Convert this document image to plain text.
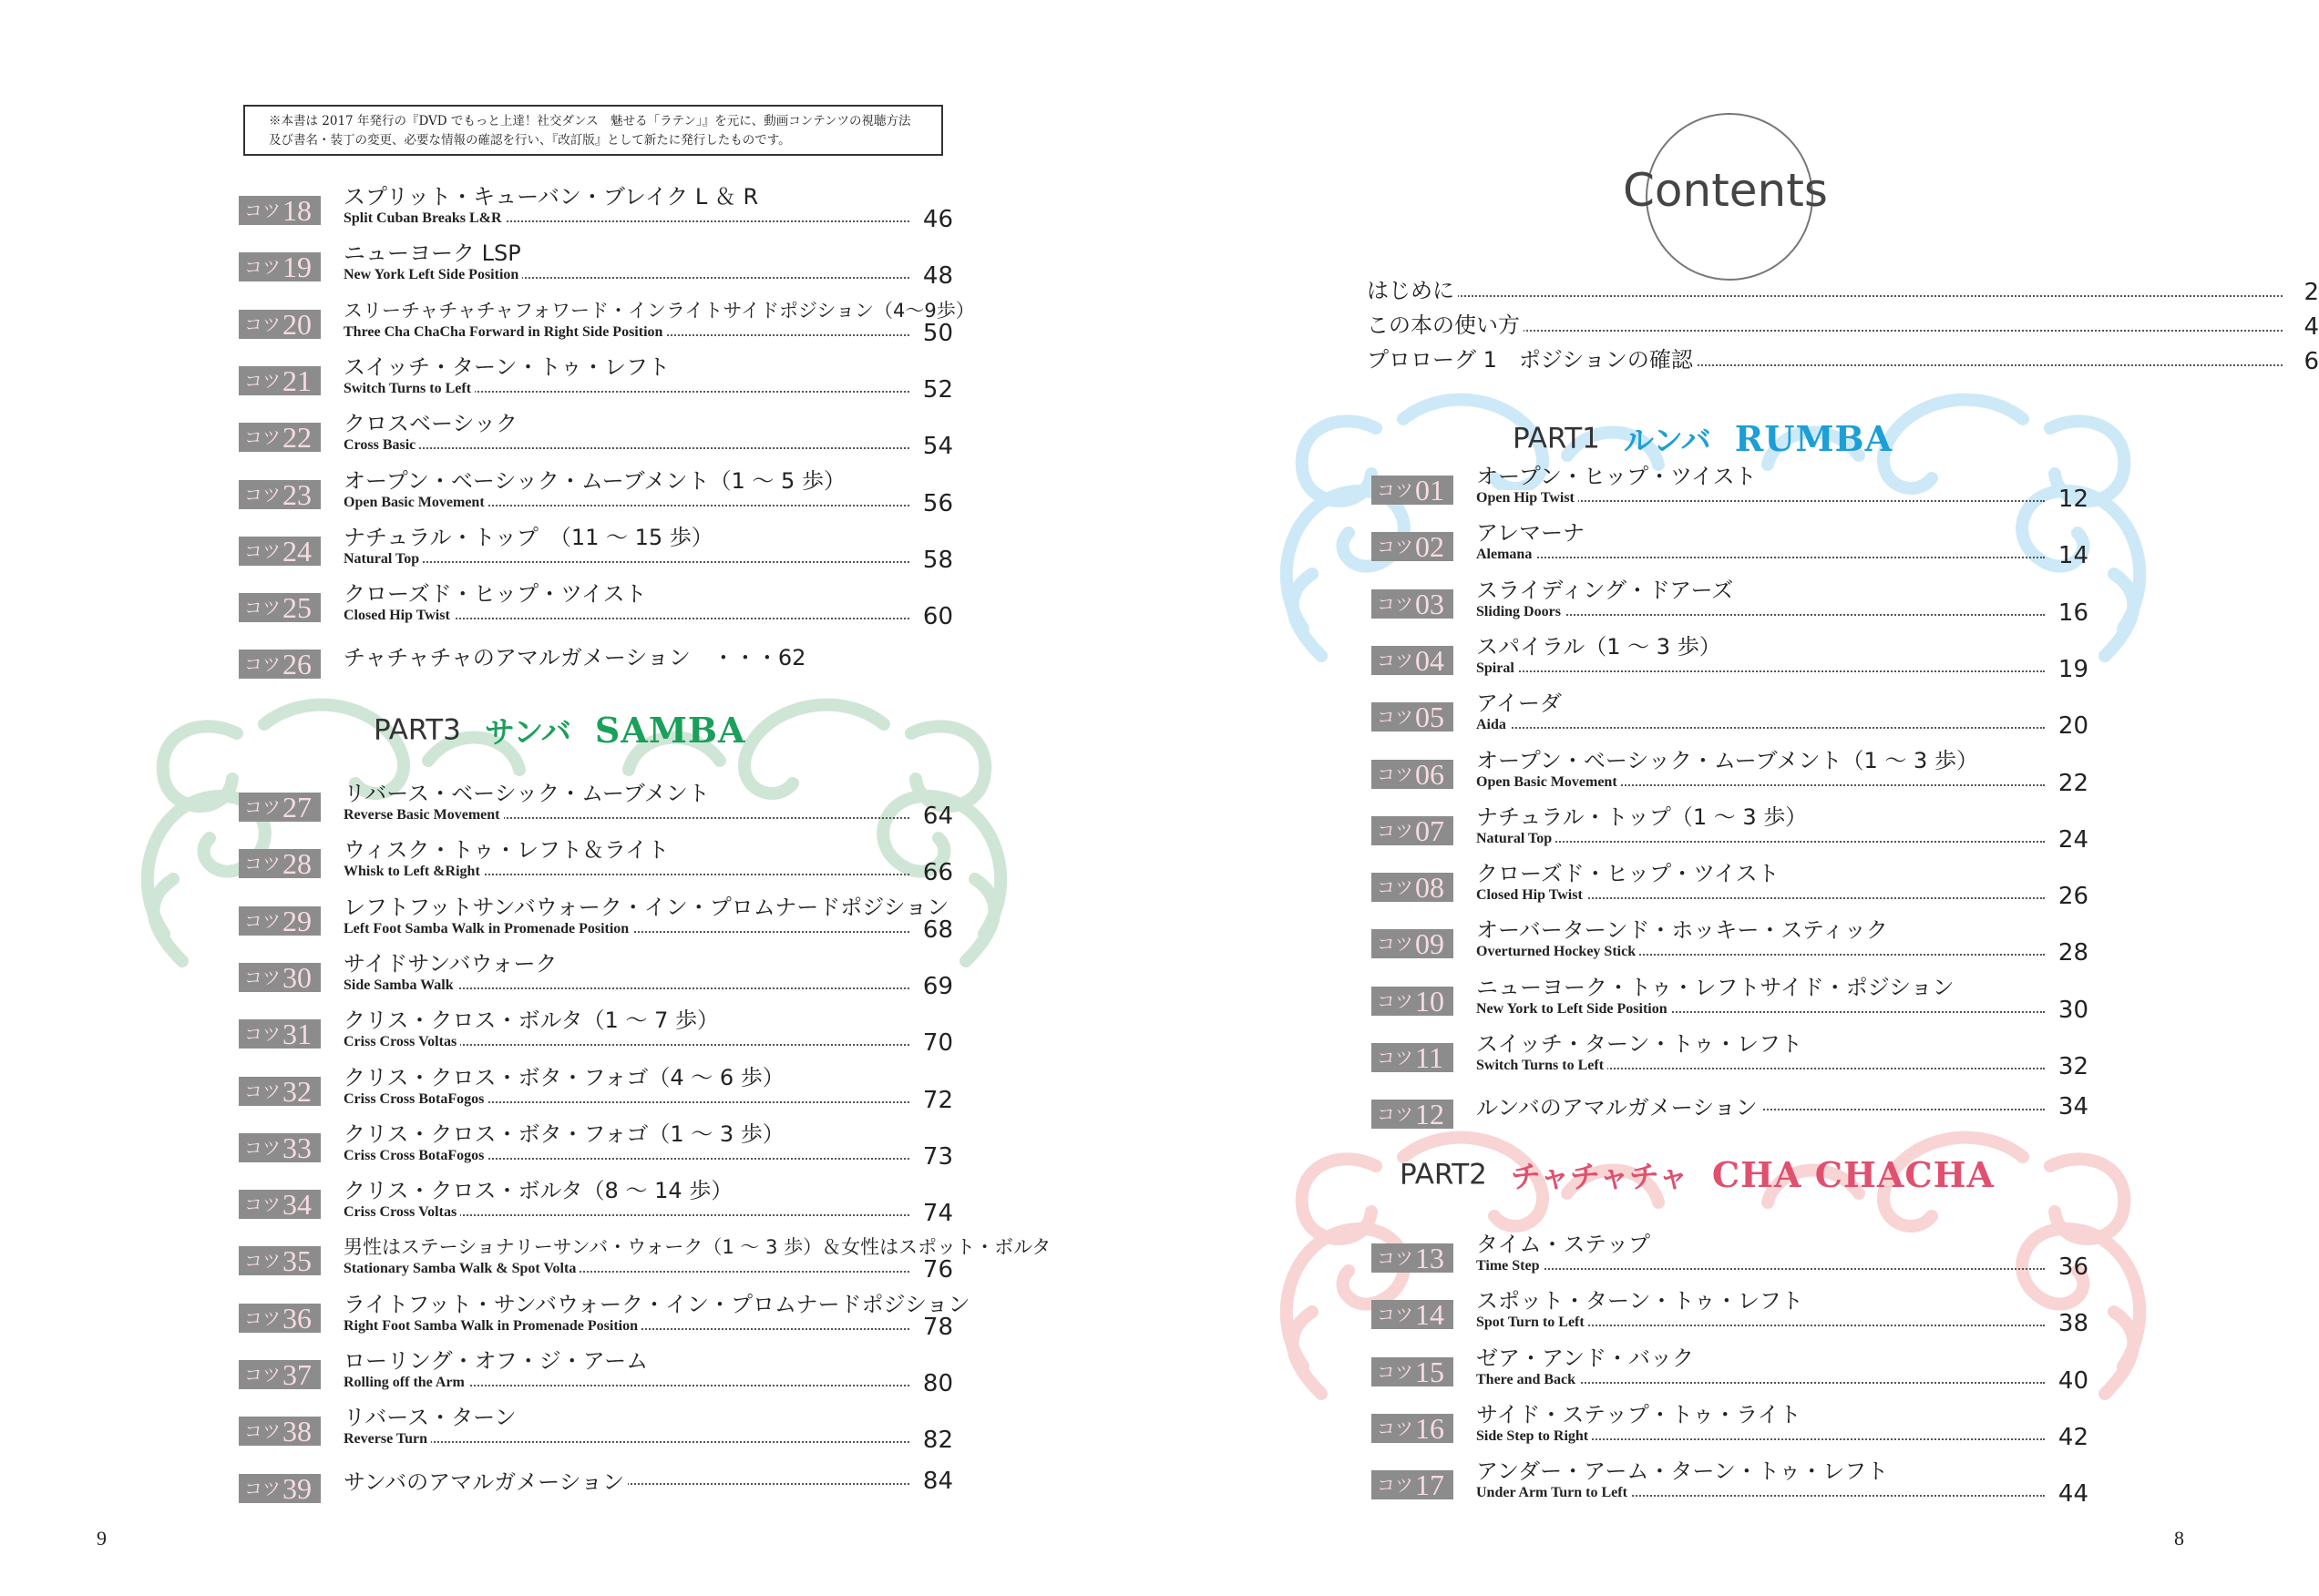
※本書は 2017 年発行の『DVD でもっと上達！社交ダンス　魅せる「ラテン」』を元に、動画コンテンツの視聴方法及び書名・装丁の変更、必要な情報の確認を行い、『改訂版』として新たに発行したものです。
コツ18	スプリット・キューバン・ブレイク L ＆ R
Split Cuban Breaks L&R	46
コツ19	ニューヨーク LSP
New York Left Side Position	48
コツ20	スリーチャチャチャフォワード・インライトサイドポジション（4～9歩）
Three Cha ChaCha Forward in Right Side Position	50
コツ21	スイッチ・ターン・トゥ・レフト
Switch Turns to Left	52
コツ22	クロスベーシック
Cross Basic	54
コツ23	オープン・ベーシック・ムーブメント（1 ～ 5 歩）
Open Basic Movement	56
コツ24	ナチュラル・トップ　（11 ～ 15 歩）
Natural Top	58
コツ25	クローズド・ヒップ・ツイスト
Closed Hip Twist	60
コツ26	チャチャチャのアマルガメーション　・・・62
PART3 サンバ SAMBA
コツ27	リバース・ベーシック・ムーブメント
Reverse Basic Movement	64
コツ28	ウィスク・トゥ・レフト＆ライト
Whisk to Left &Right	66
コツ29	レフトフットサンバウォーク・イン・プロムナードポジション
Left Foot Samba Walk in Promenade Position	68
コツ30	サイドサンバウォーク
Side Samba Walk	69
コツ31	クリス・クロス・ボルタ（1 ～ 7 歩）
Criss Cross Voltas	70
コツ32	クリス・クロス・ボタ・フォゴ（4 ～ 6 歩）
Criss Cross BotaFogos	72
コツ33	クリス・クロス・ボタ・フォゴ（1 ～ 3 歩）
Criss Cross BotaFogos	73
コツ34	クリス・クロス・ボルタ（8 ～ 14 歩）
Criss Cross Voltas	74
コツ35	男性はステーショナリーサンバ・ウォーク（1 ～ 3 歩）＆女性はスポット・ボルタ
Stationary Samba Walk & Spot Volta	76
コツ36	ライトフット・サンバウォーク・イン・プロムナードポジション
Right Foot Samba Walk in Promenade Position	78
コツ37	ローリング・オフ・ジ・アーム
Rolling off the Arm	80
コツ38	リバース・ターン
Reverse Turn	82
コツ39	サンバのアマルガメーション	84
9
Contents
はじめに	2
この本の使い方	4
プロローグ 1　ポジションの確認	6
PART1 ルンバ RUMBA
コツ01	オープン・ヒップ・ツイスト
Open Hip Twist	12
コツ02	アレマーナ
Alemana	14
コツ03	スライディング・ドアーズ
Sliding Doors	16
コツ04	スパイラル（1 ～ 3 歩）
Spiral	19
コツ05	アイーダ
Aida	20
コツ06	オープン・ベーシック・ムーブメント（1 ～ 3 歩）
Open Basic Movement	22
コツ07	ナチュラル・トップ（1 ～ 3 歩）
Natural Top	24
コツ08	クローズド・ヒップ・ツイスト
Closed Hip Twist	26
コツ09	オーバーターンド・ホッキー・スティック
Overturned Hockey Stick	28
コツ10	ニューヨーク・トゥ・レフトサイド・ポジション
New York to Left Side Position	30
コツ11	スイッチ・ターン・トゥ・レフト
Switch Turns to Left	32
コツ12	ルンバのアマルガメーション	34
PART2 チャチャチャ CHA CHACHA
コツ13	タイム・ステップ
Time Step	36
コツ14	スポット・ターン・トゥ・レフト
Spot Turn to Left	38
コツ15	ゼア・アンド・バック
There and Back	40
コツ16	サイド・ステップ・トゥ・ライト
Side Step to Right	42
コツ17	アンダー・アーム・ターン・トゥ・レフト
Under Arm Turn to Left	44
8
